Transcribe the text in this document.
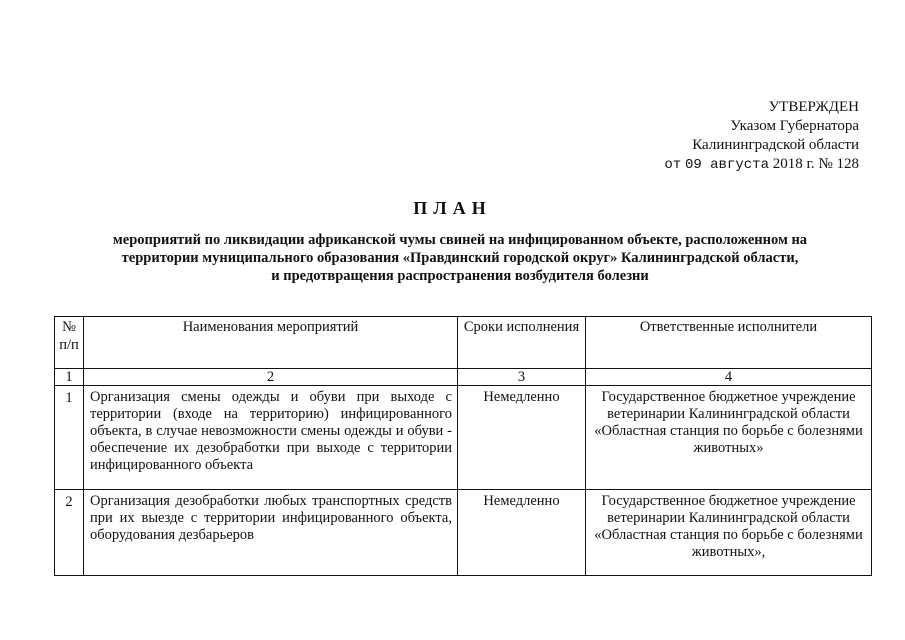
УТВЕРЖДЕН
Указом Губернатора
Калининградской области
от 09 августа 2018 г. № 128
ПЛАН
мероприятий по ликвидации африканской чумы свиней на инфицированном объекте, расположенном на
территории муниципального образования «Правдинский городской округ» Калининградской области,
и предотвращения распространения возбудителя болезни
№ п/п	Наименования мероприятий	Сроки исполнения	Ответственные исполнители
1	2	3	4
1	Организация смены одежды и обуви при выходе с территории (входе на территорию) инфицированного объекта, в случае невозможности смены одежды и обуви - обеспечение их дезобработки при выходе с территории инфицированного объекта	Немедленно	Государственное бюджетное учреждение ветеринарии Калининградской области «Областная станция по борьбе с болезнями животных»
2	Организация дезобработки любых транспортных средств при их выезде с территории инфицированного объекта, оборудования дезбарьеров	Немедленно	Государственное бюджетное учреждение ветеринарии Калининградской области «Областная станция по борьбе с болезнями животных»,
